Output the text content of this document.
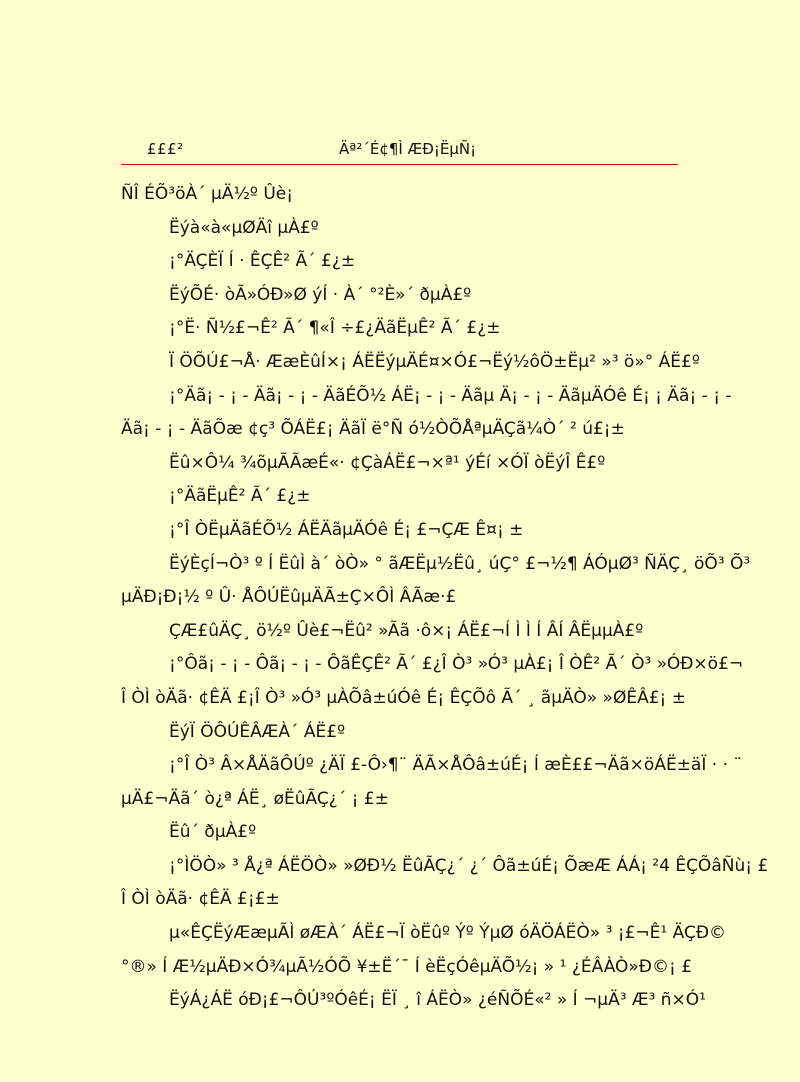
£££²	Äª²´É¢¶Ì ÆÐ¡ËµÑ¡
ÑÎ ÉÕ³öÀ´ µÄ½º Ûè¡
Ëýà«à«µØÄî µÀ£º
¡°ÄÇÈÏ Í · ÊÇÊ² Ã´ £¿±
ËýÕÉ· òÃ»ÓÐ»Ø ýÍ · À´ °²È»´ ðµÀ£º
¡°Ë· Ñ½£¬Ê² Ã´ ¶«Î ÷£¿ÄãËµÊ² Ã´ £¿±
Ï ÖÕÚ£¬Å· ÆæÈûÍ×¡ ÁËËýµÄÉ¤×Ó£¬Ëý½ôÖ±Ëµ² »³ ö»° ÁË£º
¡°Äã¡ - ¡ - Äã¡ - ¡ - ÄãÉÕ½ ÁË¡ - ¡ - Äãµ Ä¡ - ¡ - ÄãµÄÓê É¡ ¡ Äã¡ - ¡ -
Äã¡ - ¡ - ÄãÕæ ¢ç³ ÕÁË£¡ ÄãÏ ë°Ñ ó½ÒÕÅªµÄÇã¼Ò´ ² ú£¡±
Ëû×Ô¼ ¾õµÃÃæÉ«· ¢ÇàÁË£¬×ª¹ ýÉí ×ÓÏ òËýÎ Ê£º
¡°ÄãËµÊ² Ã´ £¿±
¡°Î ÒËµÄãÉÕ½ ÁËÄãµÄÓê É¡ £¬ÇÆ Ê¤¡ ±
ËýÈçÍ¬Ò³ º Í ËûÌ à´ òÒ» ° ãÆËµ½Ëû¸ úÇ° £¬½¶ ÁÓµØ³ ÑÄÇ¸ öÕ³ Õ³
µÄÐ¡Ð¡½ º Û· ÅÔÚËûµÄÃ±Ç×ÔÌ ÂÃæ·£
ÇÆ£ûÄÇ¸ ö½º Ûè£¬Ëû² »Ãã ·ô×¡ ÁË£¬Í Ì Ì Í ÂÍ ÂËµµÀ£º
¡°Ôã¡ - ¡ - Ôã¡ - ¡ - ÔãÊÇÊ² Ã´ £¿Î Ò³ »Ó³ µÀ£¡ Î ÒÊ² Ã´ Ò³ »ÓÐ×ö£¬
Î ÒÌ òÄã· ¢ÊÄ £¡Î Ò³ »Ó³ µÀÕâ±úÓê É¡ ÊÇÕô Ã´ ¸ ãµÄÒ» »ØÊÂ£¡ ±
ËýÏ ÖÔÚÊÂÆÀ´ ÁË£º
¡°Î Ò³ Â×ÅÄãÔÚº ¿ÄÏ £-Ô›¶¨ ÄÃ×ÅÔâ±úÉ¡ Í æÈ££¬Äã×öÁË±äÏ · · ¨
µÄ£¬Äã´ ò¿ª ÁË¸ øËûÃÇ¿´ ¡ £±
Ëû´ ðµÀ£º
¡°ÌÖÒ» ³ Å¿ª ÁËÖÒ» »ØÐ½ ËûÃÇ¿´ ¿´ Ôã±úÉ¡ ÕæÆ ÁÁ¡ ²4 ÊÇÕâÑù¡ £
Î ÒÌ òÄã· ¢ÊÄ £¡£±
µ«ÊÇËýÆæµÃÌ øÆÀ´ ÁË£¬Ï òËûº Ýº ÝµØ óÄÖÁËÒ» ³ ¡£¬Ê¹ ÄÇÐ©
°®» Í Æ½µÄÐ×Ó¾µÃ½ÓÕ ¥±Ë´¯ Í èËçÓêµÄÕ½¡ » ¹ ¿ÉÂÀÒ»Ð©¡ £
ËýÁ¿ÁË óÐ¡£¬ÔÚ³ºÓêÉ¡ ËÏ ¸ î ÁËÒ» ¿éÑÕÉ«² » Í ¬µÄ³ Æ³ ñ×Ó¹
